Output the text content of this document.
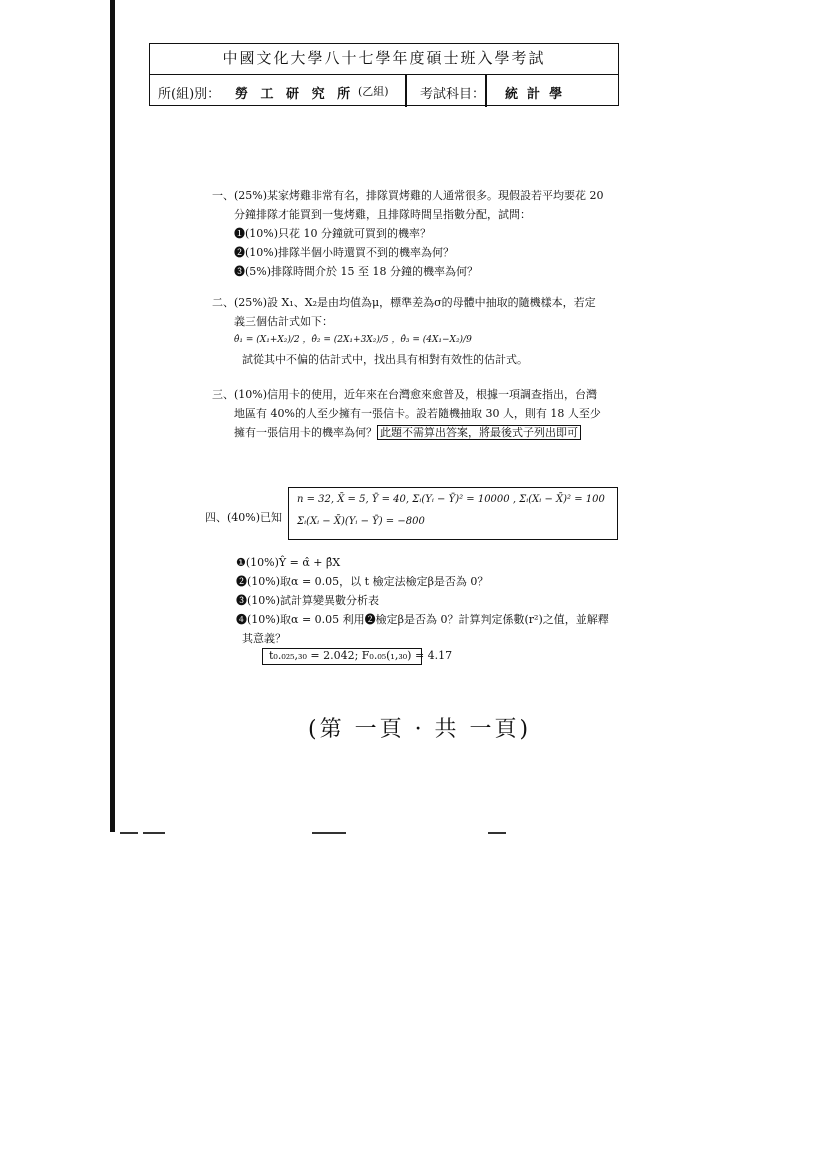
中國文化大學八十七學年度碩士班入學考試
所(組)別： 勞 工 研 究 所 (乙組) 考試科目： 統  計  學
一、(25%)某家烤雞非常有名，排隊買烤雞的人通常很多。現假設若平均要花 20
分鐘排隊才能買到一隻烤雞，且排隊時間呈指數分配，試問：
❶(10%)只花 10 分鐘就可買到的機率？
❷(10%)排隊半個小時還買不到的機率為何？
❸(5%)排隊時間介於 15 至 18 分鐘的機率為何？
二、(25%)設 X₁、X₂是由均值為μ，標準差為σ的母體中抽取的隨機樣本，若定
義三個估計式如下：
θ̂₁ = (X₁+X₂)/2 ，θ̂₂ = (2X₁+3X₂)/5 ，θ̂₃ = (4X₁−X₂)/9
試從其中不偏的估計式中，找出具有相對有效性的估計式。
三、(10%)信用卡的使用，近年來在台灣愈來愈普及，根據一項調查指出，台灣
地區有 40%的人至少擁有一張信卡。設若隨機抽取 30 人，則有 18 人至少
擁有一張信用卡的機率為何？ 此題不需算出答案，將最後式子列出即可
四、(40%)已知
n = 32, X̄ = 5, Ȳ = 40, Σᵢ(Yᵢ − Ȳ)² = 10000 , Σᵢ(Xᵢ − X̄)² = 100
Σᵢ(Xᵢ − X̄)(Yᵢ − Ȳ) = −800
❶(10%)Ŷ = α̂ + β̂X
❷(10%)取α = 0.05，以 t 檢定法檢定β是否為 0？
❸(10%)試計算變異數分析表
❹(10%)取α = 0.05 利用❷檢定β是否為 0？計算判定係數(r²)之值，並解釋
其意義？
t₀.₀₂₅,₃₀ = 2.042; F₀.₀₅(₁,₃₀) = 4.17
(第 一頁 · 共 一頁)
